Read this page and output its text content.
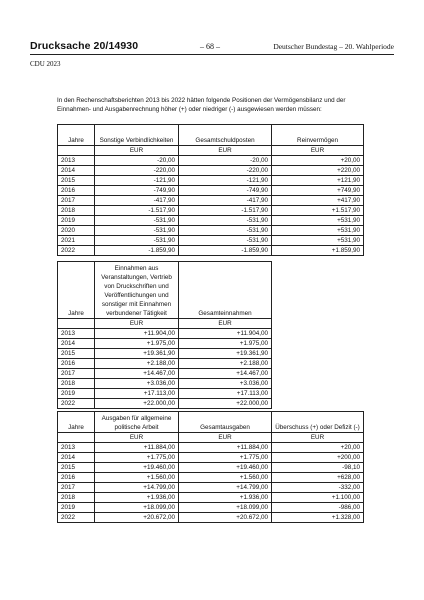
Drucksache 20/14930	– 68 –	Deutscher Bundestag – 20. Wahlperiode
CDU 2023
In den Rechenschaftsberichten 2013 bis 2022 hätten folgende Positionen der Vermögensbilanz und der Einnahmen- und Ausgabenrechnung höher (+) oder niedriger (-) ausgewiesen werden müssen:
Jahre	Sonstige Verbindlichkeiten	Gesamtschuldposten	Reinvermögen
	EUR	EUR	EUR
2013	-20,00	-20,00	+20,00
2014	-220,00	-220,00	+220,00
2015	-121,90	-121,90	+121,90
2016	-749,90	-749,90	+749,90
2017	-417,90	-417,90	+417,90
2018	-1.517,90	-1.517,90	+1.517,90
2019	-531,90	-531,90	+531,90
2020	-531,90	-531,90	+531,90
2021	-531,90	-531,90	+531,90
2022	-1.859,90	-1.859,90	+1.859,90
Jahre	Einnahmen aus Veranstaltungen, Vertrieb von Druckschriften und Veröffentlichungen und sonstiger mit Einnahmen verbundener Tätigkeit	Gesamteinnahmen
	EUR	EUR
2013	+11.904,00	+11.904,00
2014	+1.975,00	+1.975,00
2015	+19.361,90	+19.361,90
2016	+2.188,00	+2.188,00
2017	+14.467,00	+14.467,00
2018	+3.036,00	+3.036,00
2019	+17.113,00	+17.113,00
2022	+22.000,00	+22.000,00
Jahre	Ausgaben für allgemeine politische Arbeit	Gesamtausgaben	Überschuss (+) oder Defizit (-)
	EUR	EUR	EUR
2013	+11.884,00	+11.884,00	+20,00
2014	+1.775,00	+1.775,00	+200,00
2015	+19.460,00	+19.460,00	-98,10
2016	+1.560,00	+1.560,00	+628,00
2017	+14.799,00	+14.799,00	-332,00
2018	+1.936,00	+1.936,00	+1.100,00
2019	+18.099,00	+18.099,00	-986,00
2022	+20.672,00	+20.672,00	+1.328,00
